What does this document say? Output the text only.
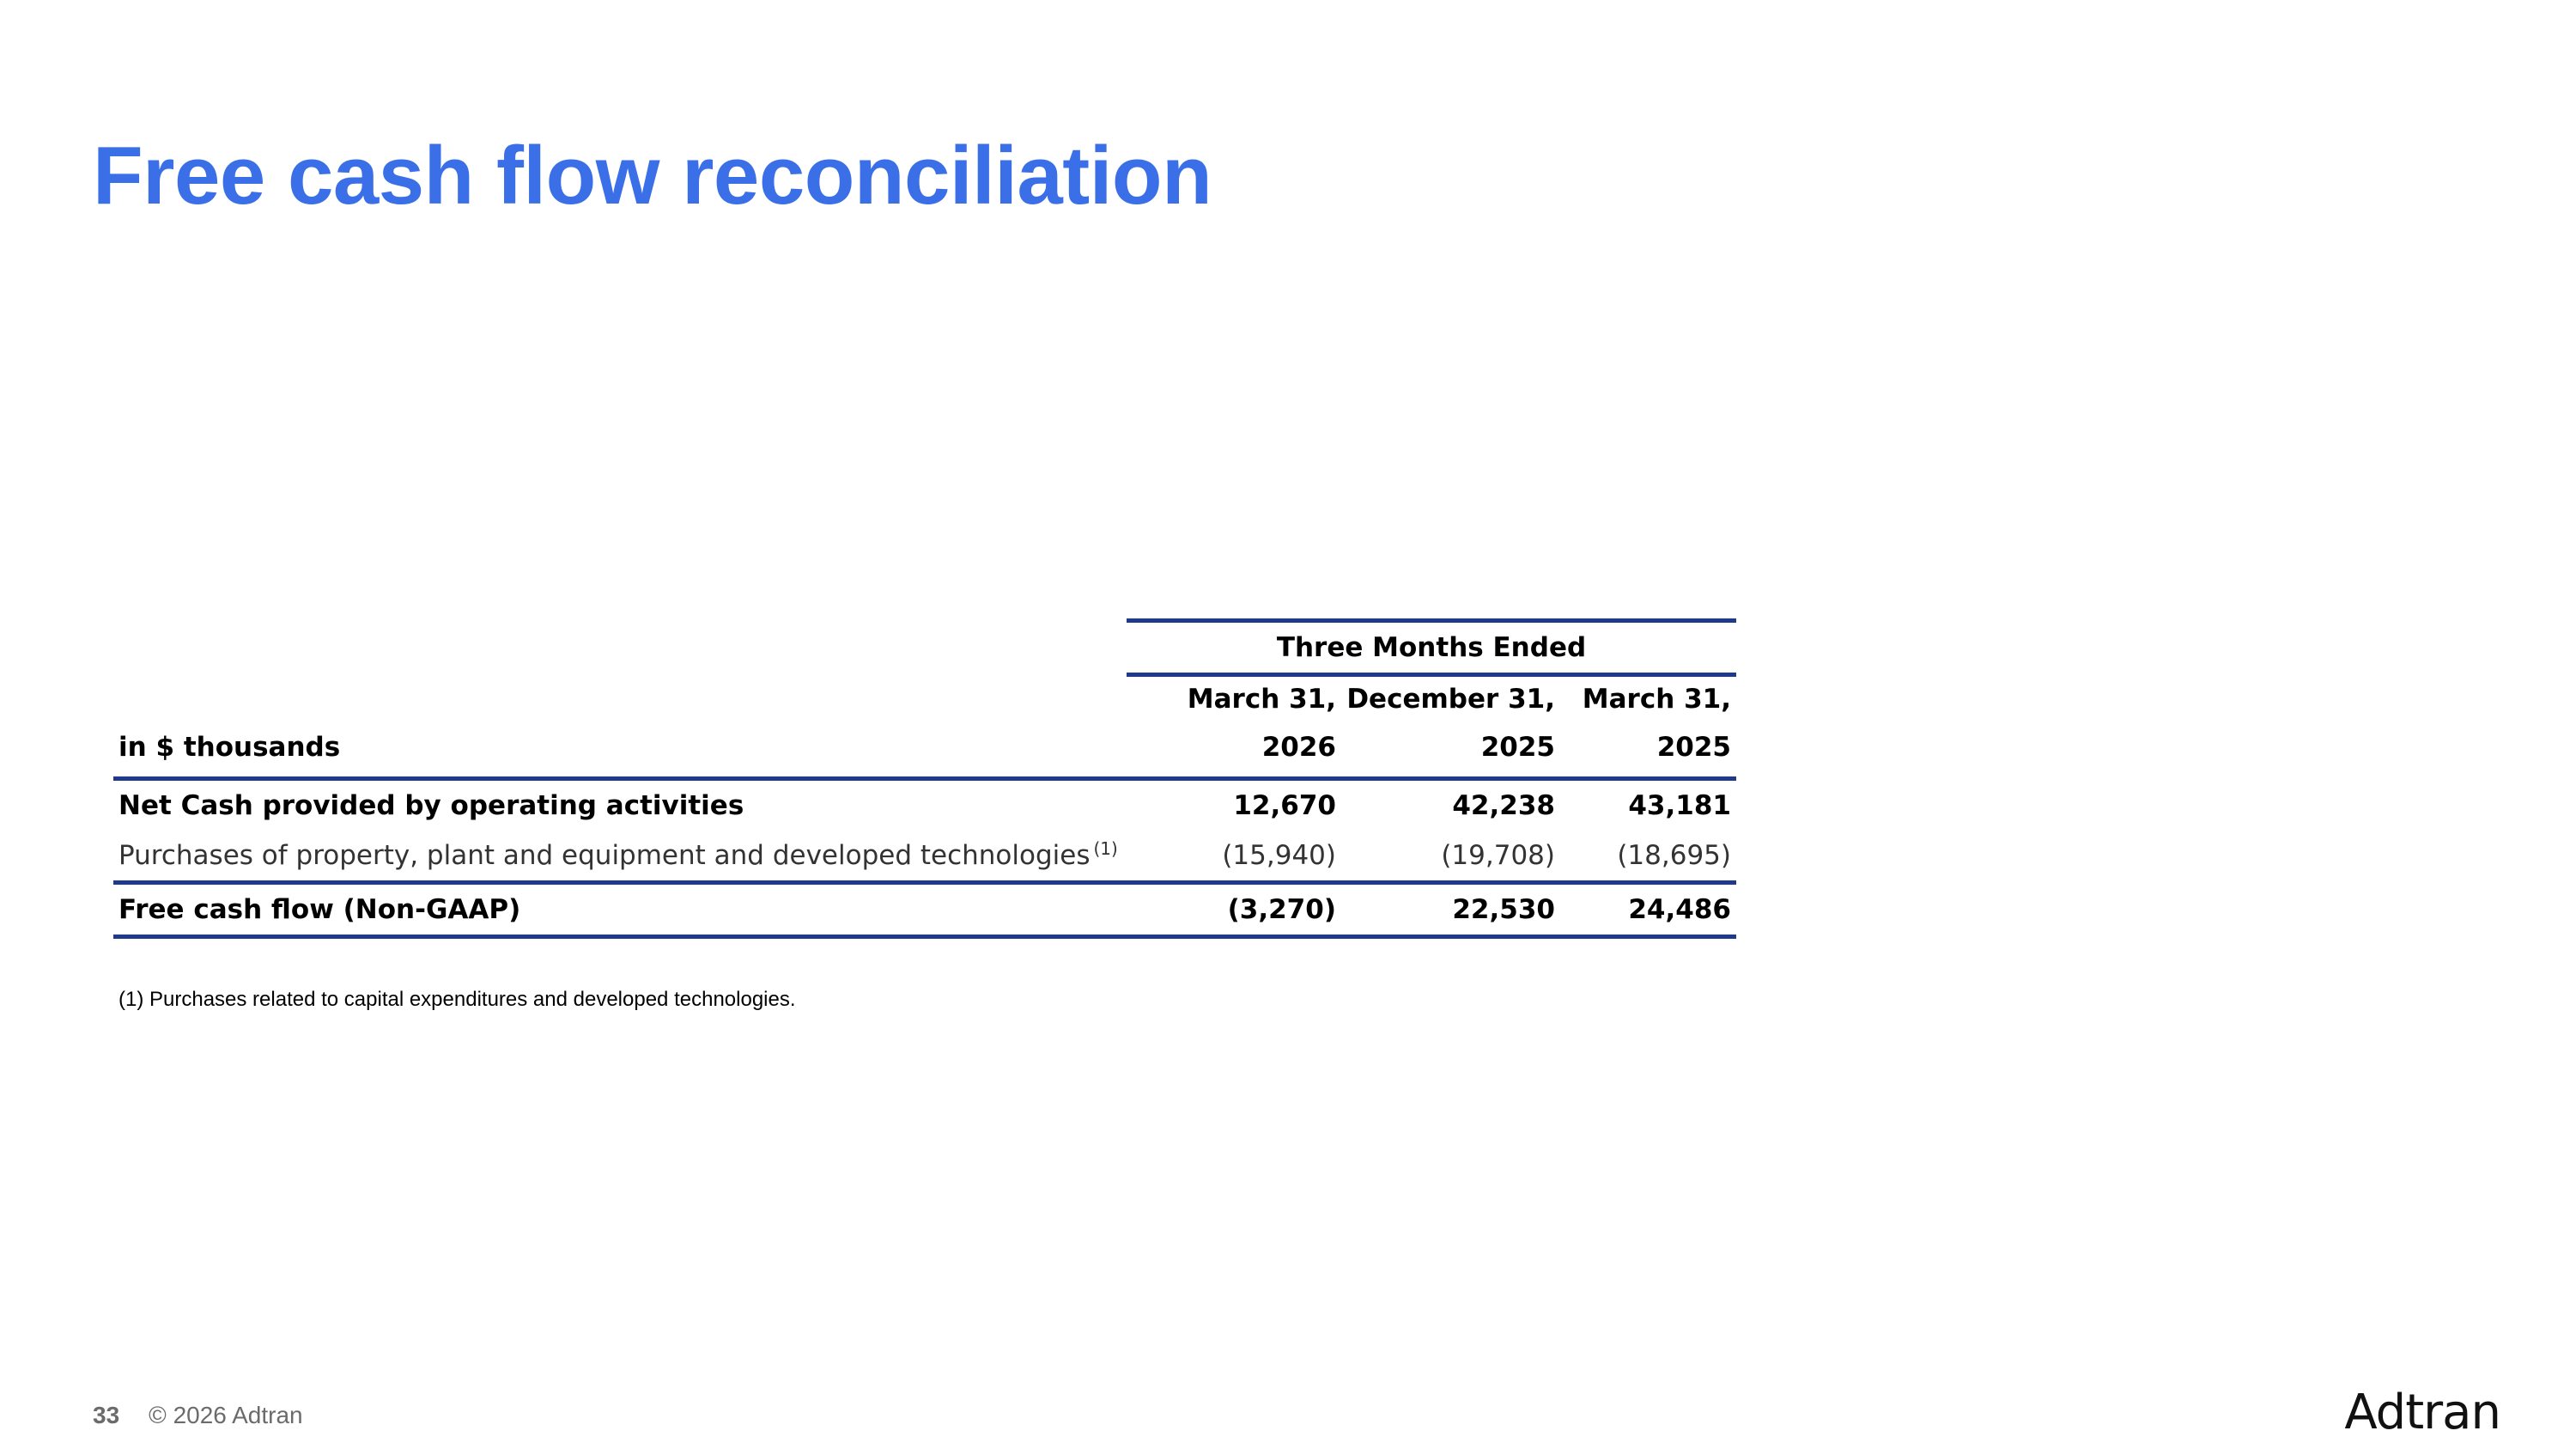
Free cash flow reconciliation
	Three Months Ended		
	March 31,	December 31,	March 31,
in $ thousands	2026	2025	2025
Net Cash provided by operating activities	12,670	42,238	43,181
Purchases of property, plant and equipment and developed technologies $^{(1)}$	(15,940)	(19,708)	(18,695)
Free cash flow (Non-GAAP)	(3,270)	22,530	24,486
(1) Purchases related to capital expenditures and developed technologies.
33 © 2026 Adtran	Adtran
